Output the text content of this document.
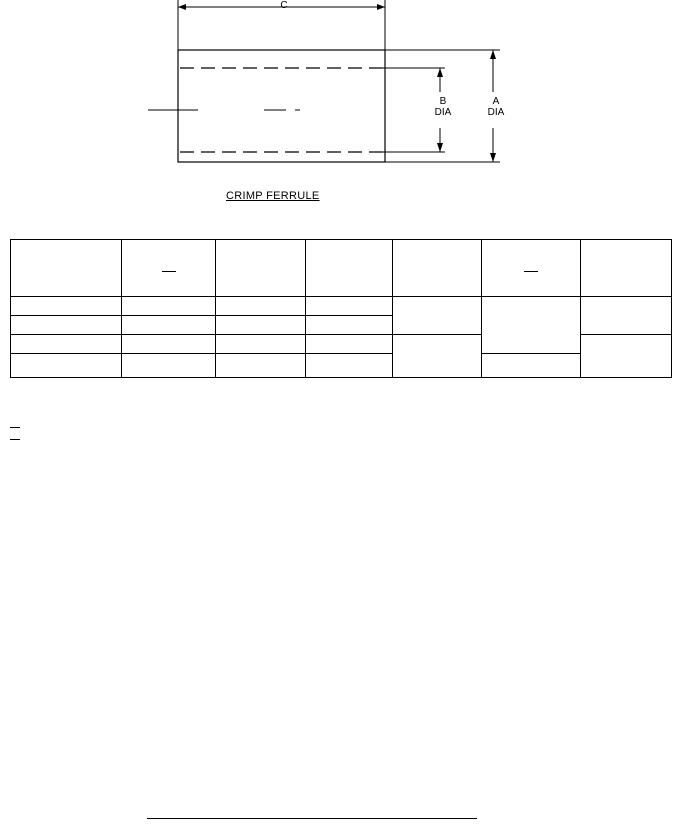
C
B
DIA
A
DIA
CRIMP FERRULE
